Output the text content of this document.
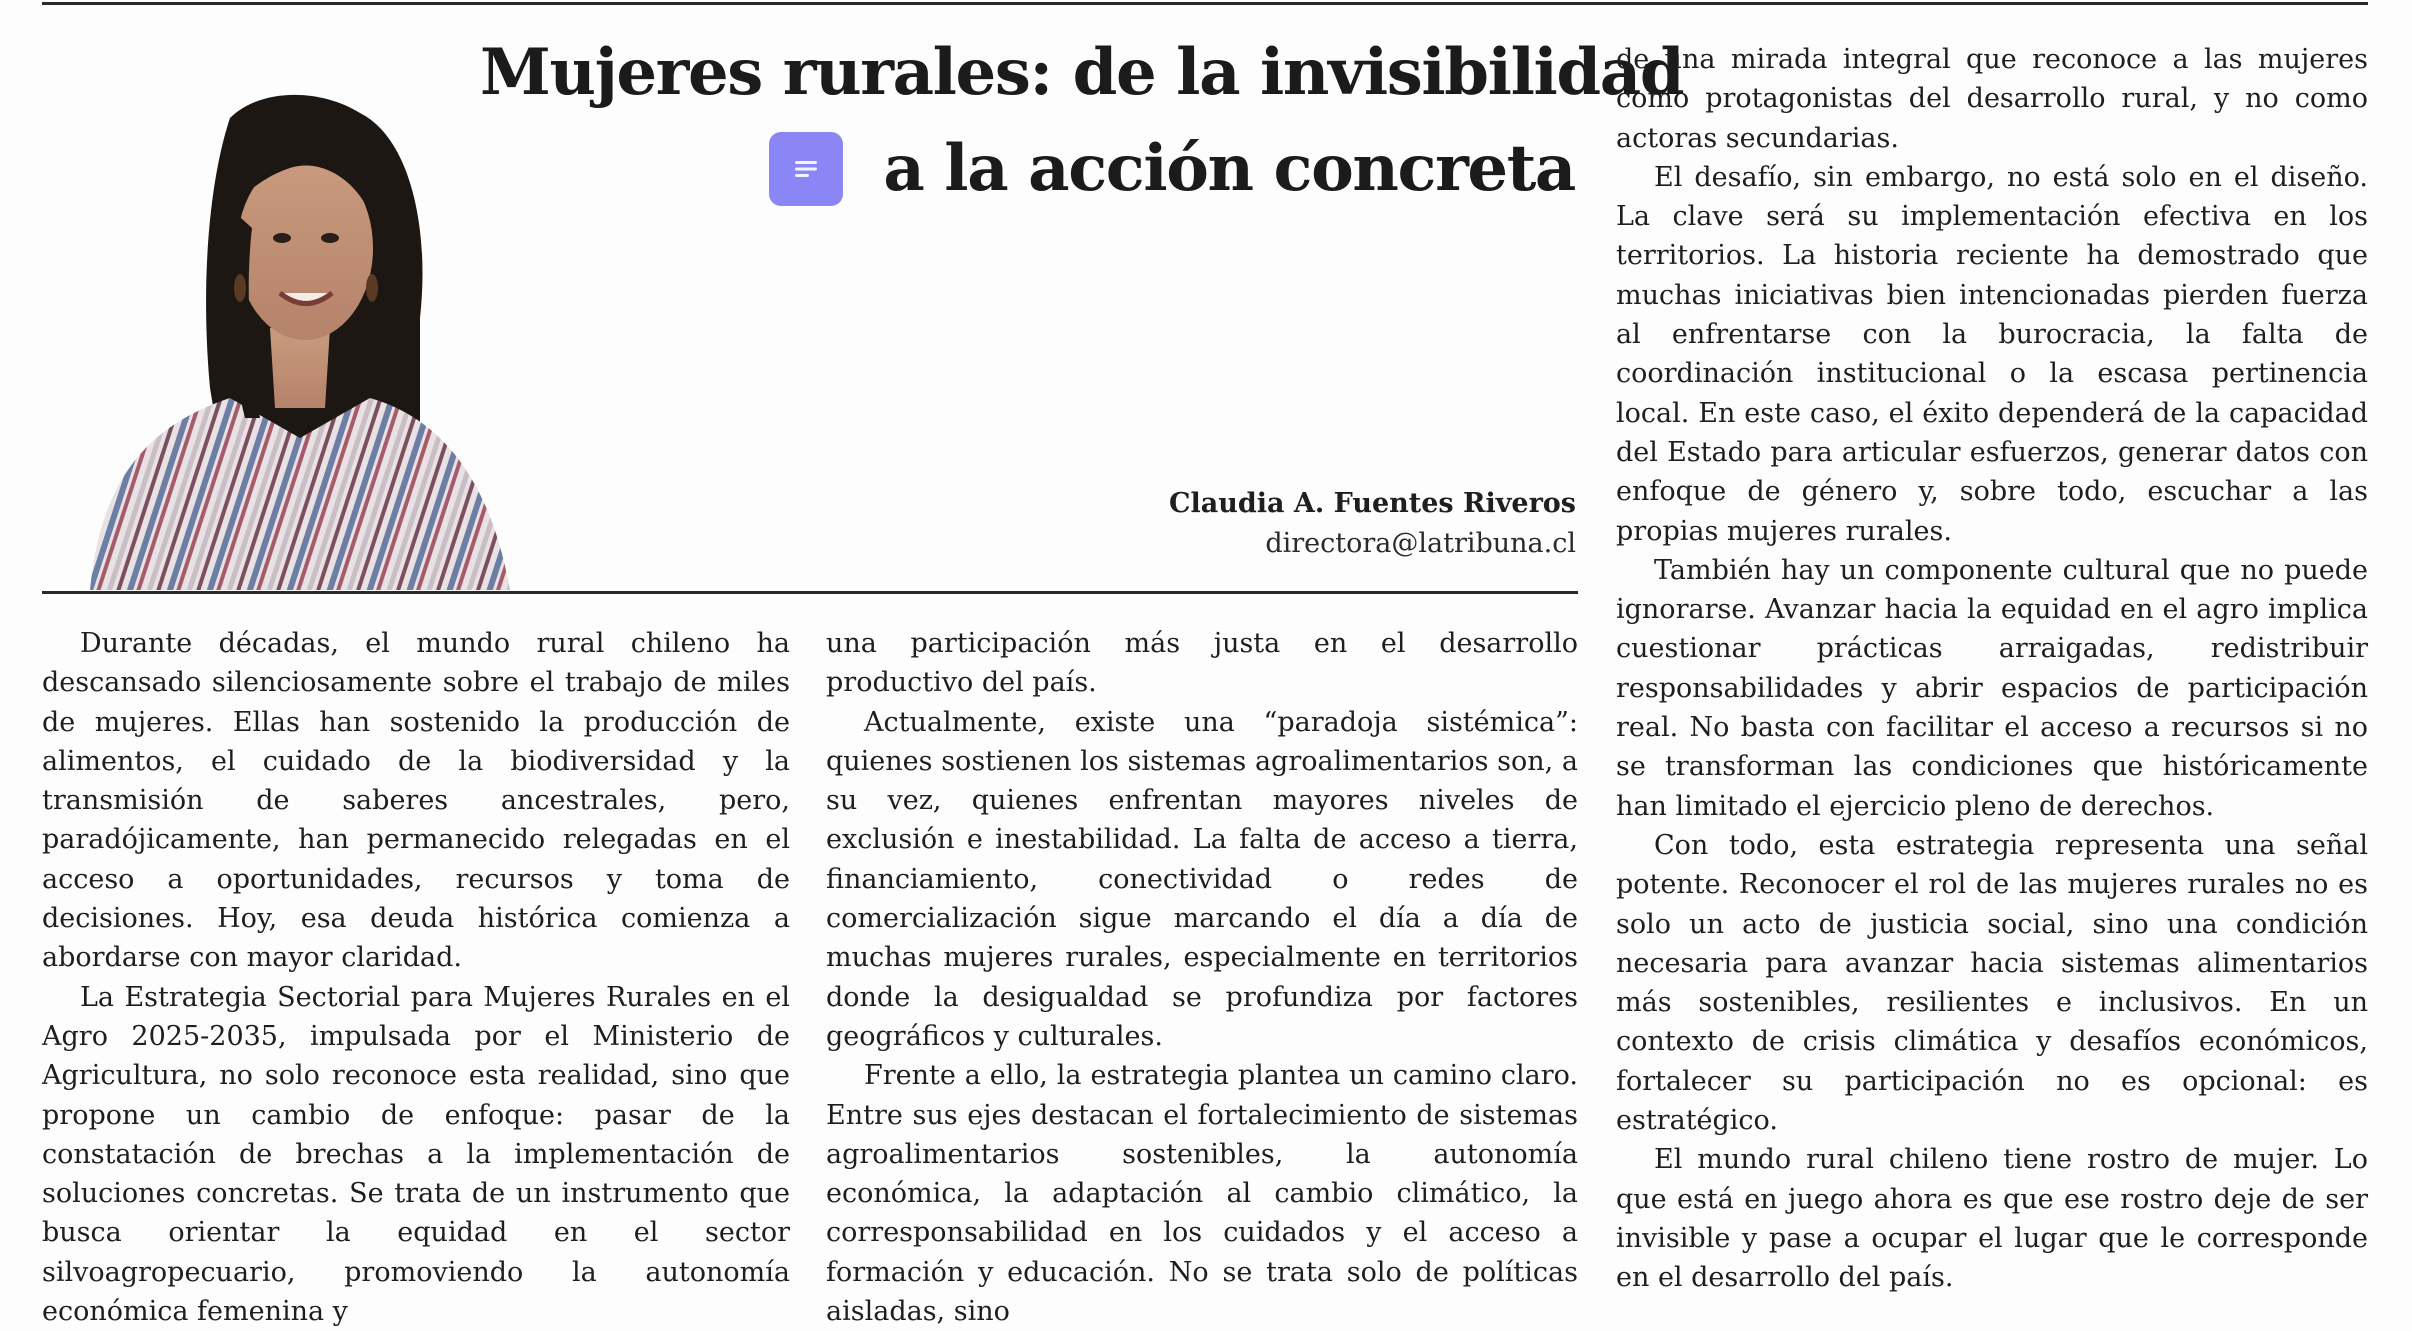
Mujeres rurales: de la invisibilidad
a la acción concreta
Claudia A. Fuentes Riveros
directora@latribuna.cl

Durante décadas, el mundo rural chileno ha descansado silenciosamente sobre el trabajo de miles de mujeres. Ellas han sostenido la producción de alimentos, el cuidado de la biodiversidad y la transmisión de saberes ancestrales, pero, paradójicamente, han permanecido relegadas en el acceso a oportunidades, recursos y toma de decisiones. Hoy, esa deuda histórica comienza a abordarse con mayor claridad.

La Estrategia Sectorial para Mujeres Rurales en el Agro 2025-2035, impulsada por el Ministerio de Agricultura, no solo reconoce esta realidad, sino que propone un cambio de enfoque: pasar de la constatación de brechas a la implementación de soluciones concretas. Se trata de un instrumento que busca orientar la equidad en el sector silvoagropecuario, promoviendo la autonomía económica femenina y

una participación más justa en el desarrollo productivo del país.

Actualmente, existe una “paradoja sistémica”: quienes sostienen los sistemas agroalimentarios son, a su vez, quienes enfrentan mayores niveles de exclusión e inestabilidad. La falta de acceso a tierra, financiamiento, conectividad o redes de comercialización sigue marcando el día a día de muchas mujeres rurales, especialmente en territorios donde la desigualdad se profundiza por factores geográficos y culturales.

Frente a ello, la estrategia plantea un camino claro. Entre sus ejes destacan el fortalecimiento de sistemas agroalimentarios sostenibles, la autonomía económica, la adaptación al cambio climático, la corresponsabilidad en los cuidados y el acceso a formación y educación. No se trata solo de políticas aisladas, sino

de una mirada integral que reconoce a las mujeres como protagonistas del desarrollo rural, y no como actoras secundarias.

El desafío, sin embargo, no está solo en el diseño. La clave será su implementación efectiva en los territorios. La historia reciente ha demostrado que muchas iniciativas bien intencionadas pierden fuerza al enfrentarse con la burocracia, la falta de coordinación institucional o la escasa pertinencia local. En este caso, el éxito dependerá de la capacidad del Estado para articular esfuerzos, generar datos con enfoque de género y, sobre todo, escuchar a las propias mujeres rurales.

También hay un componente cultural que no puede ignorarse. Avanzar hacia la equidad en el agro implica cuestionar prácticas arraigadas, redistribuir responsabilidades y abrir espacios de participación real. No basta con facilitar el acceso a recursos si no se transforman las condiciones que históricamente han limitado el ejercicio pleno de derechos.

Con todo, esta estrategia representa una señal potente. Reconocer el rol de las mujeres rurales no es solo un acto de justicia social, sino una condición necesaria para avanzar hacia sistemas alimentarios más sostenibles, resilientes e inclusivos. En un contexto de crisis climática y desafíos económicos, fortalecer su participación no es opcional: es estratégico.

El mundo rural chileno tiene rostro de mujer. Lo que está en juego ahora es que ese rostro deje de ser invisible y pase a ocupar el lugar que le corresponde en el desarrollo del país.
